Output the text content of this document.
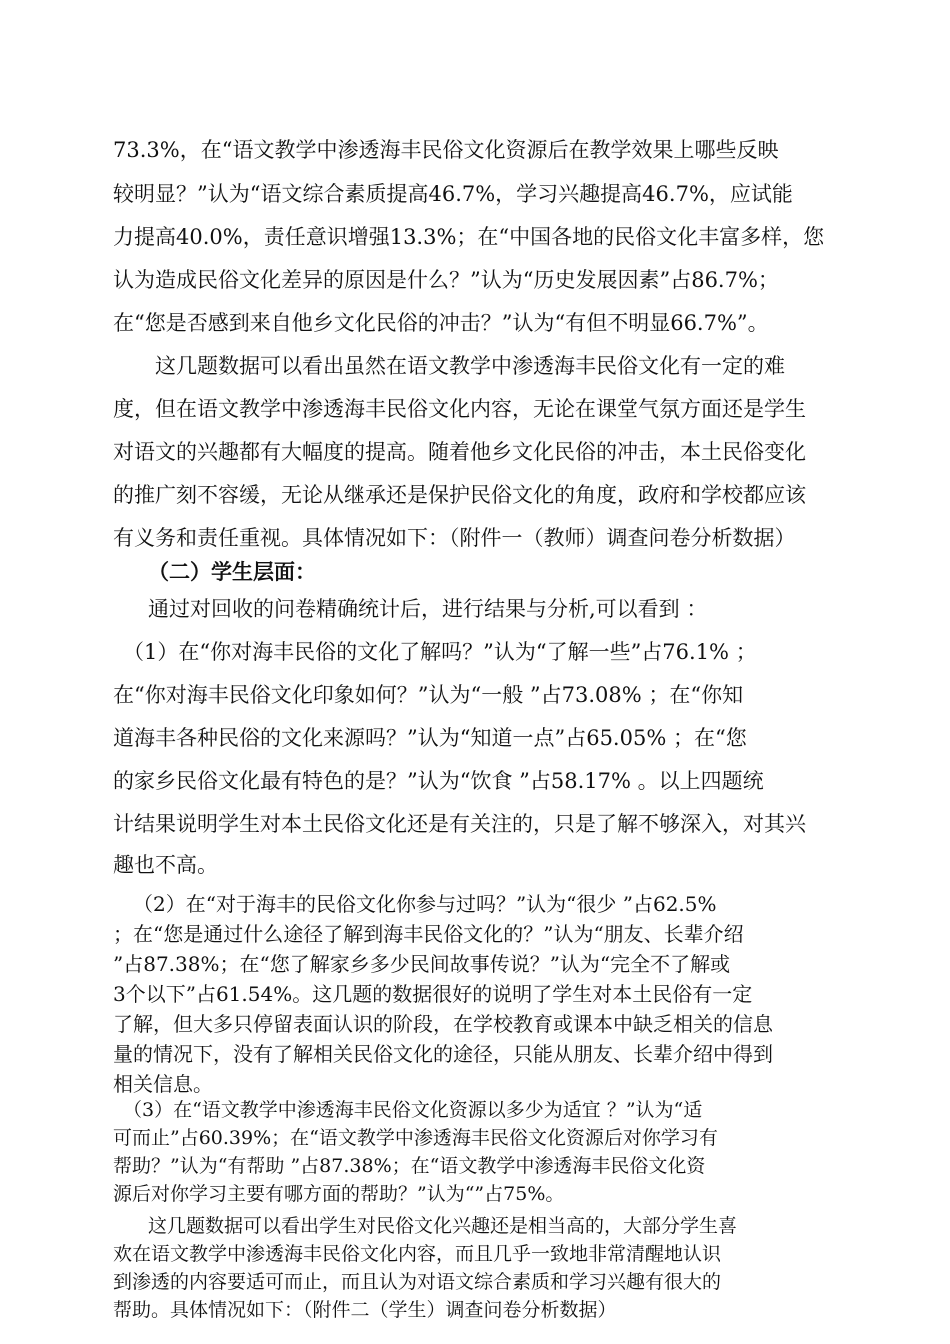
73.3%，在“语文教学中渗透海丰民俗文化资源后在教学效果上哪些反映
较明显？”认为“语文综合素质提高46.7%，学习兴趣提高46.7%，应试能
力提高40.0%，责任意识增强13.3%；在“中国各地的民俗文化丰富多样，您
认为造成民俗文化差异的原因是什么？”认为“历史发展因素”占86.7%；
在“您是否感到来自他乡文化民俗的冲击？”认为“有但不明显66.7%”。
这几题数据可以看出虽然在语文教学中渗透海丰民俗文化有一定的难
度，但在语文教学中渗透海丰民俗文化内容，无论在课堂气氛方面还是学生
对语文的兴趣都有大幅度的提高。随着他乡文化民俗的冲击，本土民俗变化
的推广刻不容缓，无论从继承还是保护民俗文化的角度，政府和学校都应该
有义务和责任重视。具体情况如下：（附件一（教师）调查问卷分析数据）
（二）学生层面：
通过对回收的问卷精确统计后，进行结果与分析,可以看到 ：
（1）在“你对海丰民俗的文化了解吗？”认为“了解一些”占76.1% ；
在“你对海丰民俗文化印象如何？”认为“一般 ”占73.08% ；在“你知
道海丰各种民俗的文化来源吗？”认为“知道一点”占65.05% ；在“您
的家乡民俗文化最有特色的是？”认为“饮食 ”占58.17% 。以上四题统
计结果说明学生对本土民俗文化还是有关注的，只是了解不够深入，对其兴
趣也不高。
（2）在“对于海丰的民俗文化你参与过吗？”认为“很少 ”占62.5%
；在“您是通过什么途径了解到海丰民俗文化的？”认为“朋友、长辈介绍
”占87.38%；在“您了解家乡多少民间故事传说？”认为“完全不了解或
3个以下”占61.54%。这几题的数据很好的说明了学生对本土民俗有一定
了解，但大多只停留表面认识的阶段，在学校教育或课本中缺乏相关的信息
量的情况下，没有了解相关民俗文化的途径，只能从朋友、长辈介绍中得到
相关信息。
（3）在“语文教学中渗透海丰民俗文化资源以多少为适宜 ？”认为“适
可而止”占60.39%；在“语文教学中渗透海丰民俗文化资源后对你学习有
帮助？”认为“有帮助 ”占87.38%；在“语文教学中渗透海丰民俗文化资
源后对你学习主要有哪方面的帮助？”认为“”占75%。
这几题数据可以看出学生对民俗文化兴趣还是相当高的，大部分学生喜
欢在语文教学中渗透海丰民俗文化内容，而且几乎一致地非常清醒地认识
到渗透的内容要适可而止，而且认为对语文综合素质和学习兴趣有很大的
帮助。具体情况如下：（附件二（学生）调查问卷分析数据）
